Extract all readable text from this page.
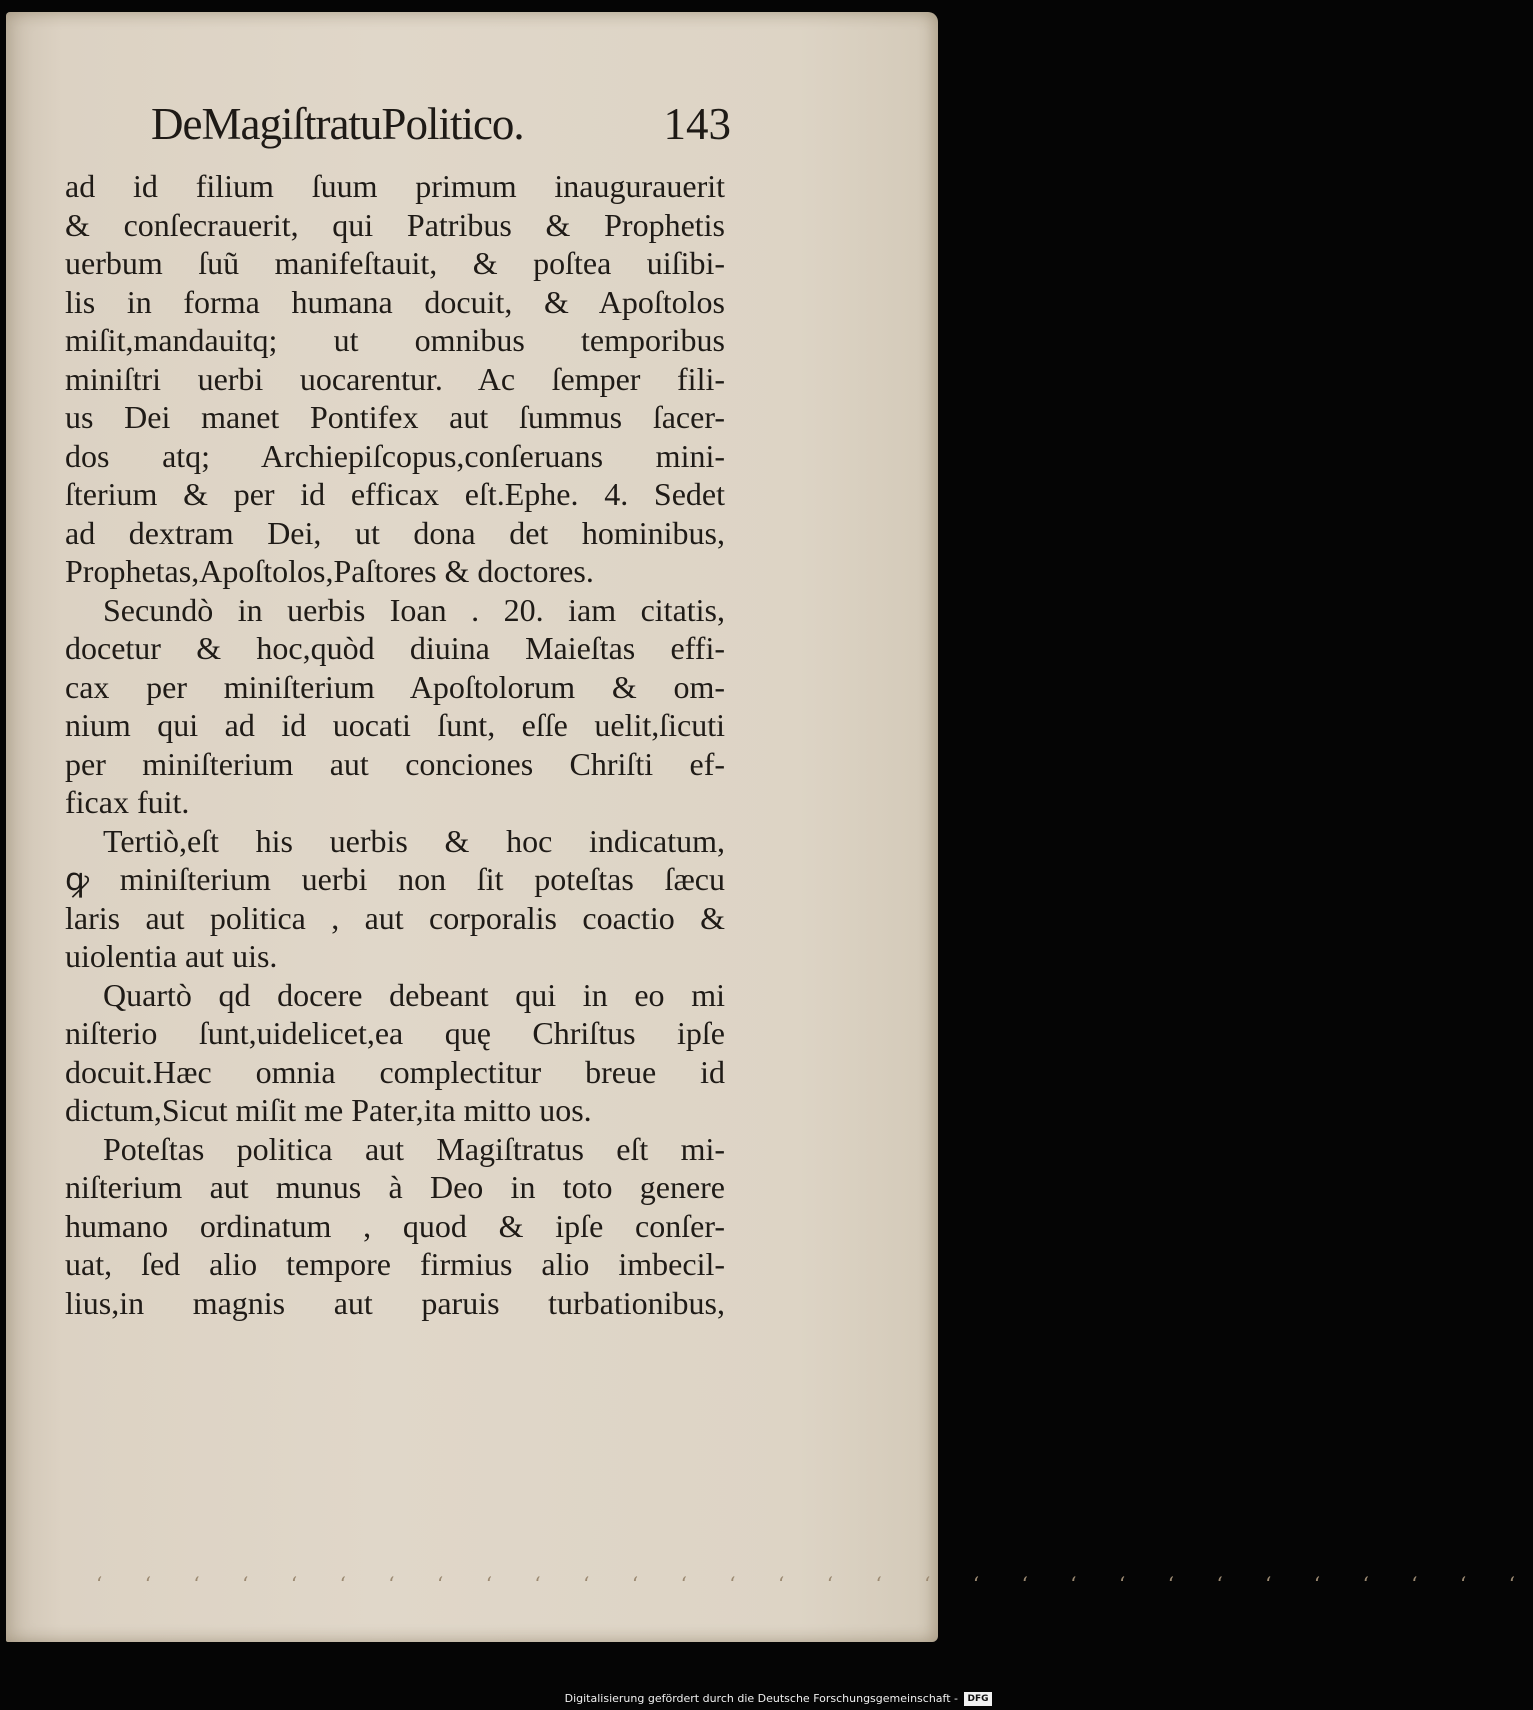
DeMagiſtratuPolitico.	143
ad id filium ſuum primum inaugurauerit
& conſecrauerit, qui Patribus & Prophetis
uerbum ſuũ manifeſtauit, & poſtea uiſibi-
lis in forma humana docuit, & Apoſtolos
miſit,mandauitq; ut omnibus temporibus
miniſtri uerbi uocarentur. Ac ſemper fili-
us Dei manet Pontifex aut ſummus ſacer-
dos atq; Archiepiſcopus,conſeruans mini-
ſterium & per id efficax eſt.Ephe. 4. Sedet
ad dextram Dei, ut dona det hominibus,
Prophetas,Apoſtolos,Paſtores & doctores.
Secundò in uerbis Ioan . 20. iam citatis,
docetur & hoc,quòd diuina Maieſtas effi-
cax per miniſterium Apoſtolorum & om-
nium qui ad id uocati ſunt, eſſe uelit,ſicuti
per miniſterium aut conciones Chriſti ef-
ficax fuit.
Tertiò,eſt his uerbis & hoc indicatum,
ꝙ miniſterium uerbi non ſit poteſtas ſæcu
laris aut politica , aut corporalis coactio &
uiolentia aut uis.
Quartò qd docere debeant qui in eo mi
niſterio ſunt,uidelicet,ea quę Chriſtus ipſe
docuit.Hæc omnia complectitur breue id
dictum,Sicut miſit me Pater,ita mitto uos.
Poteſtas politica aut Magiſtratus eſt mi-
niſterium aut munus à Deo in toto genere
humano ordinatum , quod & ipſe conſer-
uat, ſed alio tempore firmius alio imbecil-
lius,in magnis aut paruis turbationibus,
ʻ ʻ ʻ ʻ ʻ ʻ ʻ ʻ ʻ ʻ ʻ ʻ ʻ ʻ ʻ ʻ ʻ ʻ ʻ ʻ ʻ ʻ ʻ ʻ ʻ ʻ ʻ ʻ ʻ ʻ
Digitalisierung gefördert durch die Deutsche Forschungsgemeinschaft -	DFG
